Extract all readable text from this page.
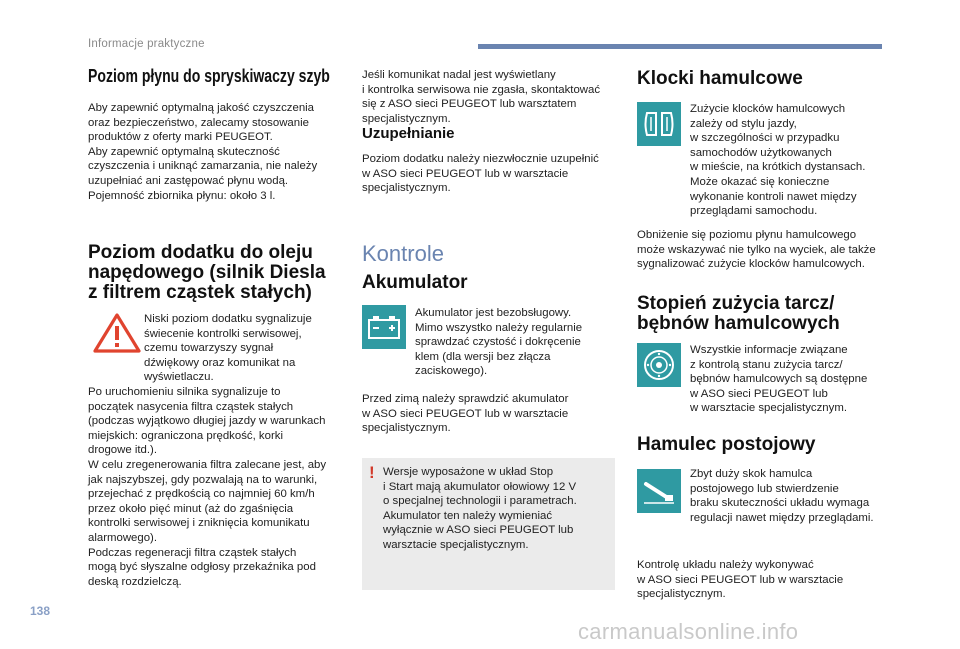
Informacje praktyczne
Poziom płynu do spryskiwaczy szyb
Aby zapewnić optymalną jakość czyszczenia
oraz bezpieczeństwo, zalecamy stosowanie
produktów z oferty marki PEUGEOT.
Aby zapewnić optymalną skuteczność
czyszczenia i uniknąć zamarzania, nie należy
uzupełniać ani zastępować płynu wodą.
Pojemność zbiornika płynu: około 3 l.
Poziom dodatku do oleju
napędowego (silnik Diesla
z filtrem cząstek stałych)
Niski poziom dodatku sygnalizuje
świecenie kontrolki serwisowej,
czemu towarzyszy sygnał
dźwiękowy oraz komunikat na
wyświetlaczu.
Po uruchomieniu silnika sygnalizuje to
początek nasycenia filtra cząstek stałych
(podczas wyjątkowo długiej jazdy w warunkach
miejskich: ograniczona prędkość, korki
drogowe itd.).
W celu zregenerowania filtra zalecane jest, aby
jak najszybszej, gdy pozwalają na to warunki,
przejechać z prędkością co najmniej 60 km/h
przez około pięć minut (aż do zgaśnięcia
kontrolki serwisowej i zniknięcia komunikatu
alarmowego).
Podczas regeneracji filtra cząstek stałych
mogą być słyszalne odgłosy przekaźnika pod
deską rozdzielczą.
Jeśli komunikat nadal jest wyświetlany
i kontrolka serwisowa nie zgasła, skontaktować
się z ASO sieci PEUGEOT lub warsztatem
specjalistycznym.
Uzupełnianie
Poziom dodatku należy niezwłocznie uzupełnić
w ASO sieci PEUGEOT lub w warsztacie
specjalistycznym.
Kontrole
Akumulator
Akumulator jest bezobsługowy.
Mimo wszystko należy regularnie
sprawdzać czystość i dokręcenie
klem (dla wersji bez złącza
zaciskowego).
Przed zimą należy sprawdzić akumulator
w ASO sieci PEUGEOT lub w warsztacie
specjalistycznym.
! Wersje wyposażone w układ Stop
i Start mają akumulator ołowiowy 12 V
o specjalnej technologii i parametrach.
Akumulator ten należy wymieniać
wyłącznie w ASO sieci PEUGEOT lub
warsztacie specjalistycznym.
Klocki hamulcowe
Zużycie klocków hamulcowych
zależy od stylu jazdy,
w szczególności w przypadku
samochodów użytkowanych
w mieście, na krótkich dystansach.
Może okazać się konieczne
wykonanie kontroli nawet między
przeglądami samochodu.
Obniżenie się poziomu płynu hamulcowego
może wskazywać nie tylko na wyciek, ale także
sygnalizować zużycie klocków hamulcowych.
Stopień zużycia tarcz/
bębnów hamulcowych
Wszystkie informacje związane
z kontrolą stanu zużycia tarcz/
bębnów hamulcowych są dostępne
w ASO sieci PEUGEOT lub
w warsztacie specjalistycznym.
Hamulec postojowy
Zbyt duży skok hamulca
postojowego lub stwierdzenie
braku skuteczności układu wymaga
regulacji nawet między przeglądami.
Kontrolę układu należy wykonywać
w ASO sieci PEUGEOT lub w warsztacie
specjalistycznym.
138
carmanualsonline.info
